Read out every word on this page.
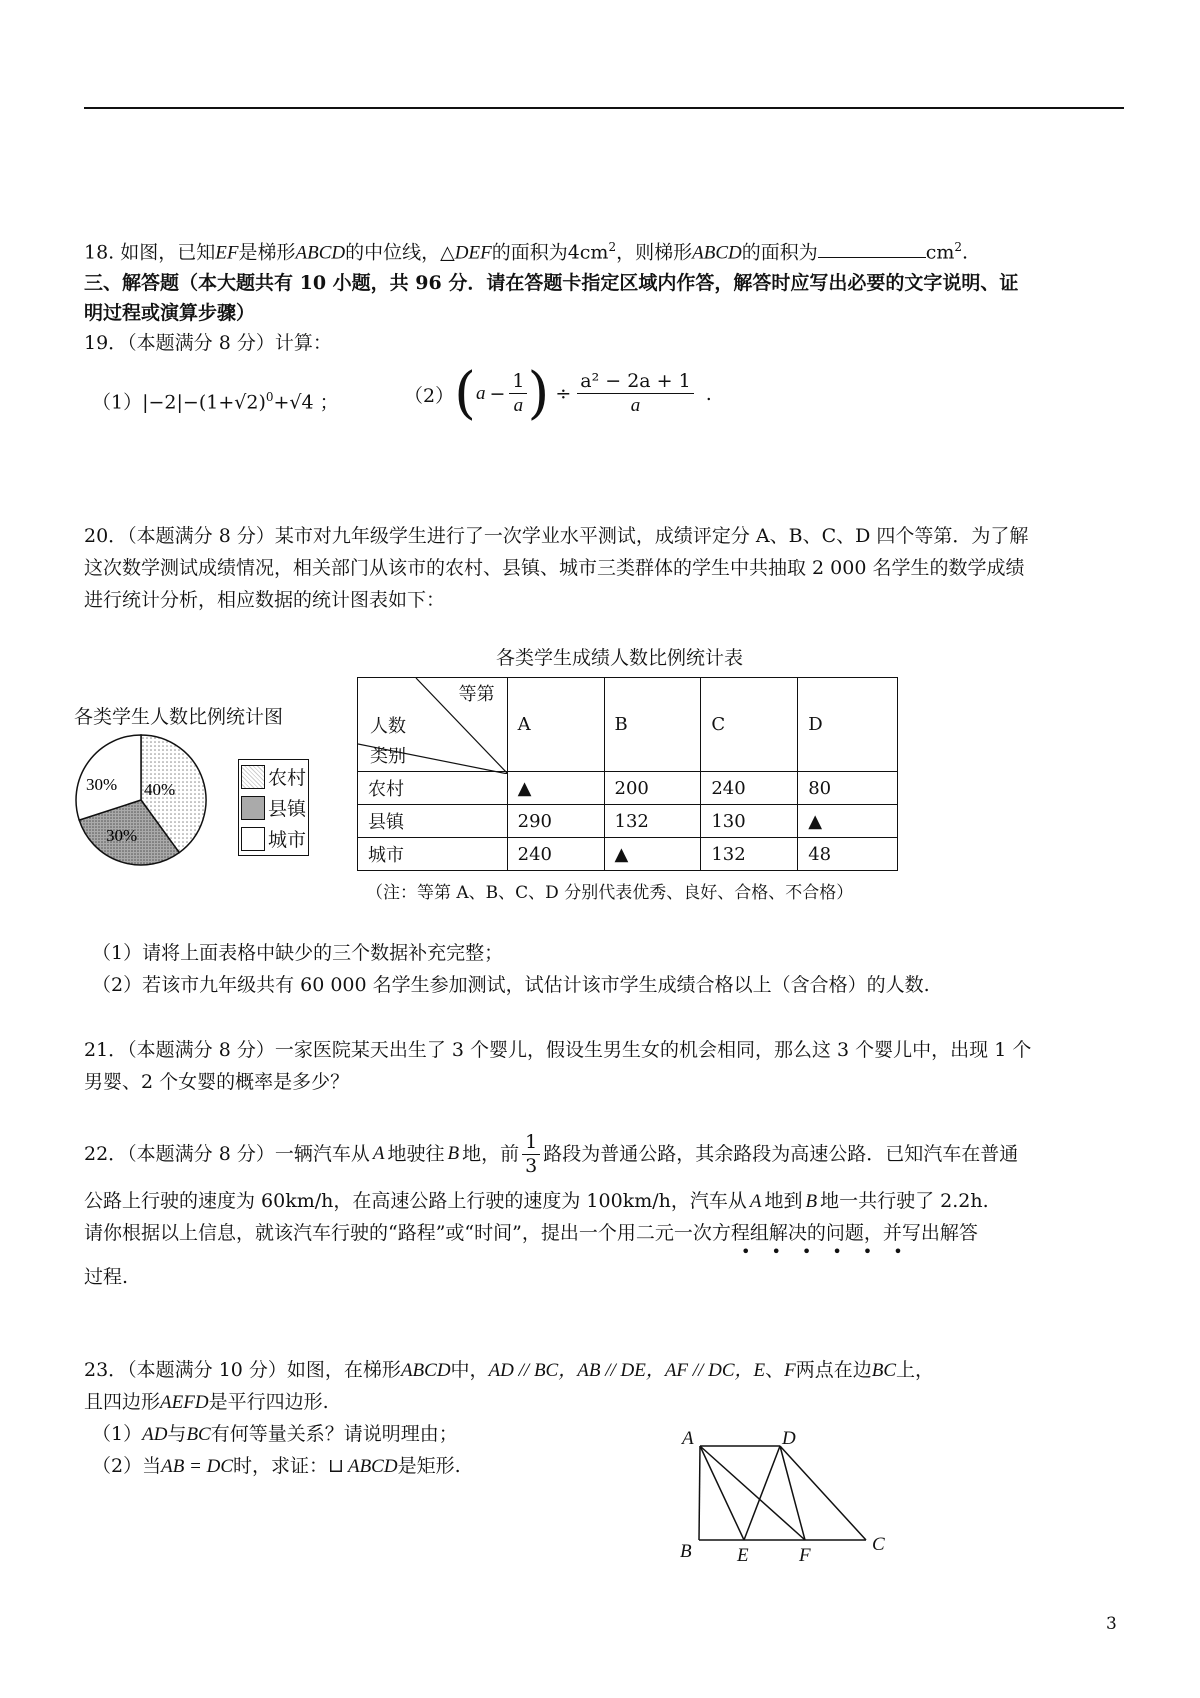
18. 如图，已知EF是梯形ABCD的中位线，△DEF的面积为$4cm^2$，则梯形ABCD的面积为	$cm^2$.
三、解答题（本大题共有 10 小题，共 96 分．请在答题卡指定区域内作答，解答时应写出必要的文字说明、证
明过程或演算步骤）
19．（本题满分 8 分）计算：
$(1)|-2|-(1+√2)^0+√4$ ；	（2） ( $a - \frac{1}{a}$ ) ÷ $\frac{\text{a² − 2a + 1}}{a}$ .
20．（本题满分 8 分）某市对九年级学生进行了一次学业水平测试，成绩评定分 A、B、C、D 四个等第．为了解
这次数学测试成绩情况，相关部门从该市的农村、县镇、城市三类群体的学生中共抽取 2 000 名学生的数学成绩
进行统计分析，相应数据的统计图表如下：
各类学生成绩人数比例统计表
各类学生人数比例统计图
30% 40%
30%
农村
县镇
城市
等第
人数
类别	A	B	C	D
农村	▲	200	240	80
县镇	290	132	130	▲
城市	240	▲	132	48
（注：等第 A、B、C、D 分别代表优秀、良好、合格、不合格）
（1）请将上面表格中缺少的三个数据补充完整；
（2）若该市九年级共有 60 000 名学生参加测试，试估计该市学生成绩合格以上（含合格）的人数.
21．（本题满分 8 分）一家医院某天出生了 3 个婴儿，假设生男生女的机会相同，那么这 3 个婴儿中，出现 1 个
男婴、2 个女婴的概率是多少？
22．（本题满分 8 分）一辆汽车从 A 地驶往 B 地，前 $\frac{1}{3}$ 路段为普通公路，其余路段为高速公路．已知汽车在普通
公路上行驶的速度为 60km/h，在高速公路上行驶的速度为 100km/h，汽车从 A 地到 B 地一共行驶了 2.2h.
请你根据以上信息，就该汽车行驶的“路程”或“时间”，提出一个用二元一次方程组解决的问题，并写出解答
••••••
过程.
23．（本题满分 10 分）如图，在梯形ABCD中，AD // BC，AB // DE，AF // DC，E、F两点在边BC上，
且四边形AEFD是平行四边形.
（1）AD与BC有何等量关系？请说明理由；
（2）当AB = DC时，求证：⊔ ABCD是矩形.
A	D
B E	F
C
3
